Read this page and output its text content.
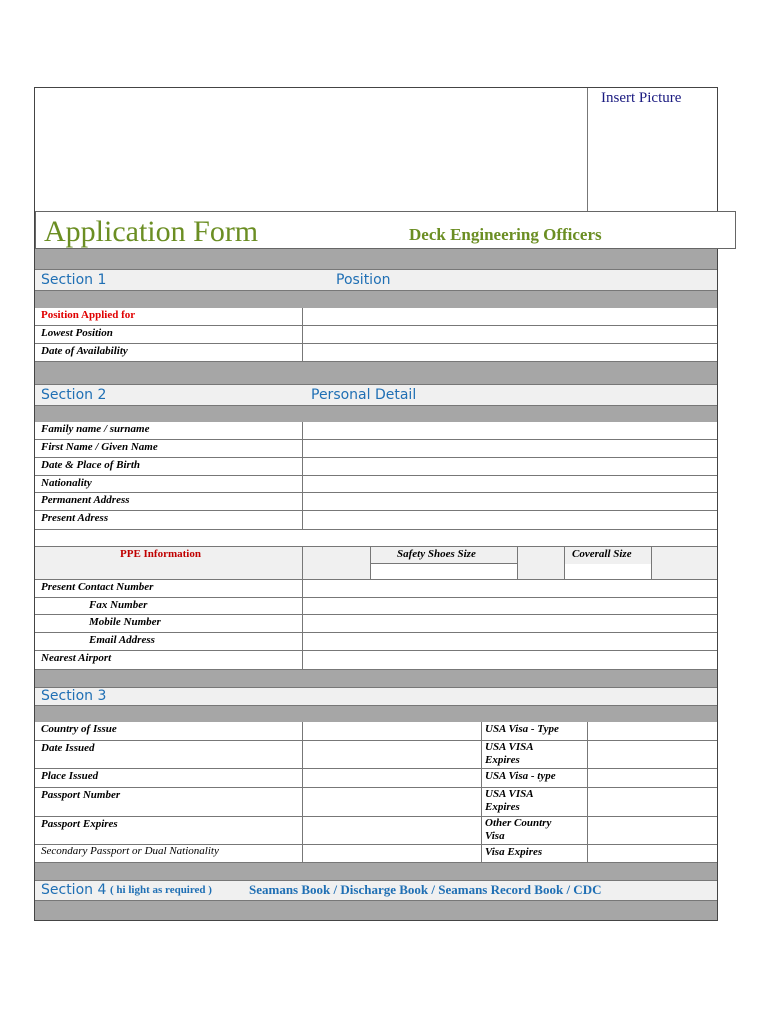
Insert Picture
Application Form	Deck Engineering Officers
Section 1	Position
Position Applied for
Lowest Position
Date of Availability
Section 2	Personal Detail
Family name / surname
First Name / Given Name
Date & Place of Birth
Nationality
Permanent Address
Present Adress
PPE Information	Safety Shoes Size	Coverall Size
Present Contact Number
Fax Number
Mobile Number
Email Address
Nearest Airport
Section 3
Country of Issue	USA Visa - Type
Date Issued	USA VISA Expires
Place Issued	USA Visa - type
Passport Number	USA VISA Expires
Passport Expires	Other Country Visa
Secondary Passport or Dual Nationality	Visa Expires
Section 4 ( hi light as required )	Seamans Book / Discharge Book / Seamans Record Book / CDC
